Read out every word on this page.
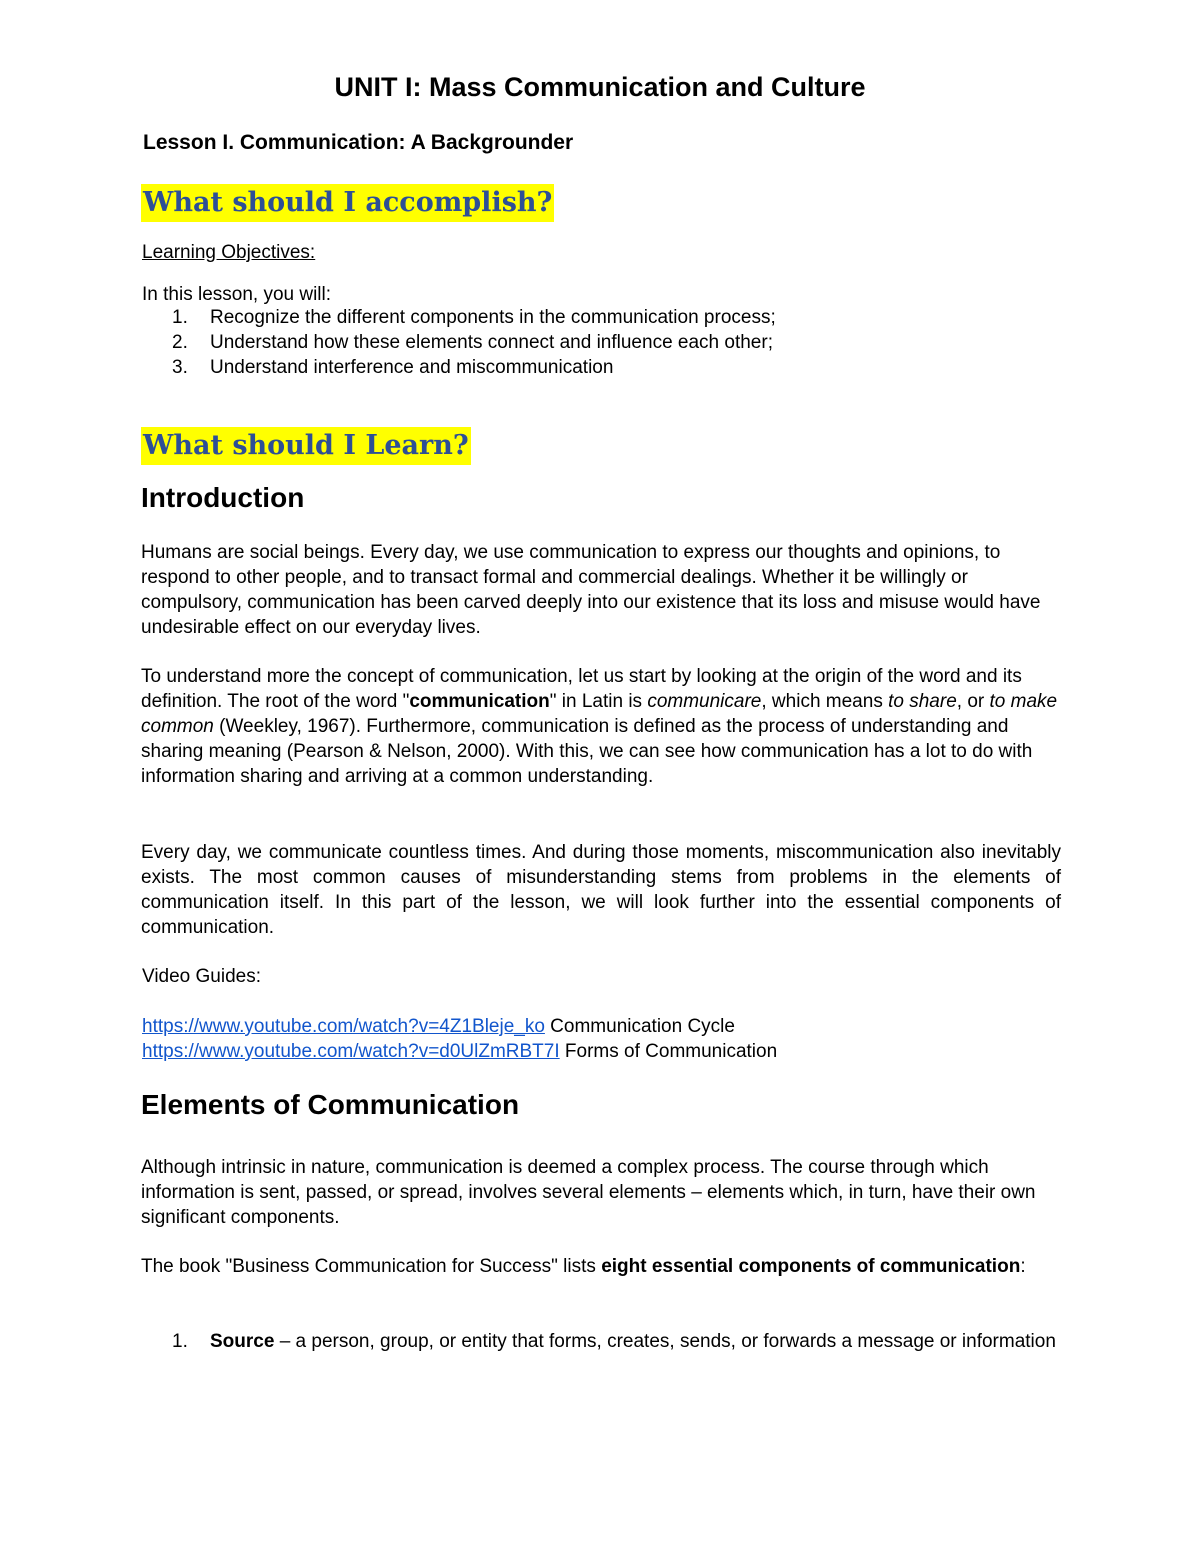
UNIT I: Mass Communication and Culture
Lesson I. Communication: A Backgrounder
What should I accomplish?
Learning Objectives:
In this lesson, you will:
1. Recognize the different components in the communication process;
2. Understand how these elements connect and influence each other;
3. Understand interference and miscommunication
What should I Learn?
Introduction
Humans are social beings. Every day, we use communication to express our thoughts and opinions, to respond to other people, and to transact formal and commercial dealings. Whether it be willingly or compulsory, communication has been carved deeply into our existence that its loss and misuse would have undesirable effect on our everyday lives.
To understand more the concept of communication, let us start by looking at the origin of the word and its definition. The root of the word "communication" in Latin is communicare, which means to share, or to make common (Weekley, 1967). Furthermore, communication is defined as the process of understanding and sharing meaning (Pearson & Nelson, 2000). With this, we can see how communication has a lot to do with information sharing and arriving at a common understanding.
Every day, we communicate countless times. And during those moments, miscommunication also inevitably exists. The most common causes of misunderstanding stems from problems in the elements of communication itself. In this part of the lesson, we will look further into the essential components of communication.
Video Guides:
https://www.youtube.com/watch?v=4Z1Bleje_ko Communication Cycle
https://www.youtube.com/watch?v=d0UlZmRBT7I Forms of Communication
Elements of Communication
Although intrinsic in nature, communication is deemed a complex process. The course through which information is sent, passed, or spread, involves several elements – elements which, in turn, have their own significant components.
The book "Business Communication for Success" lists eight essential components of communication:
1. Source – a person, group, or entity that forms, creates, sends, or forwards a message or information
